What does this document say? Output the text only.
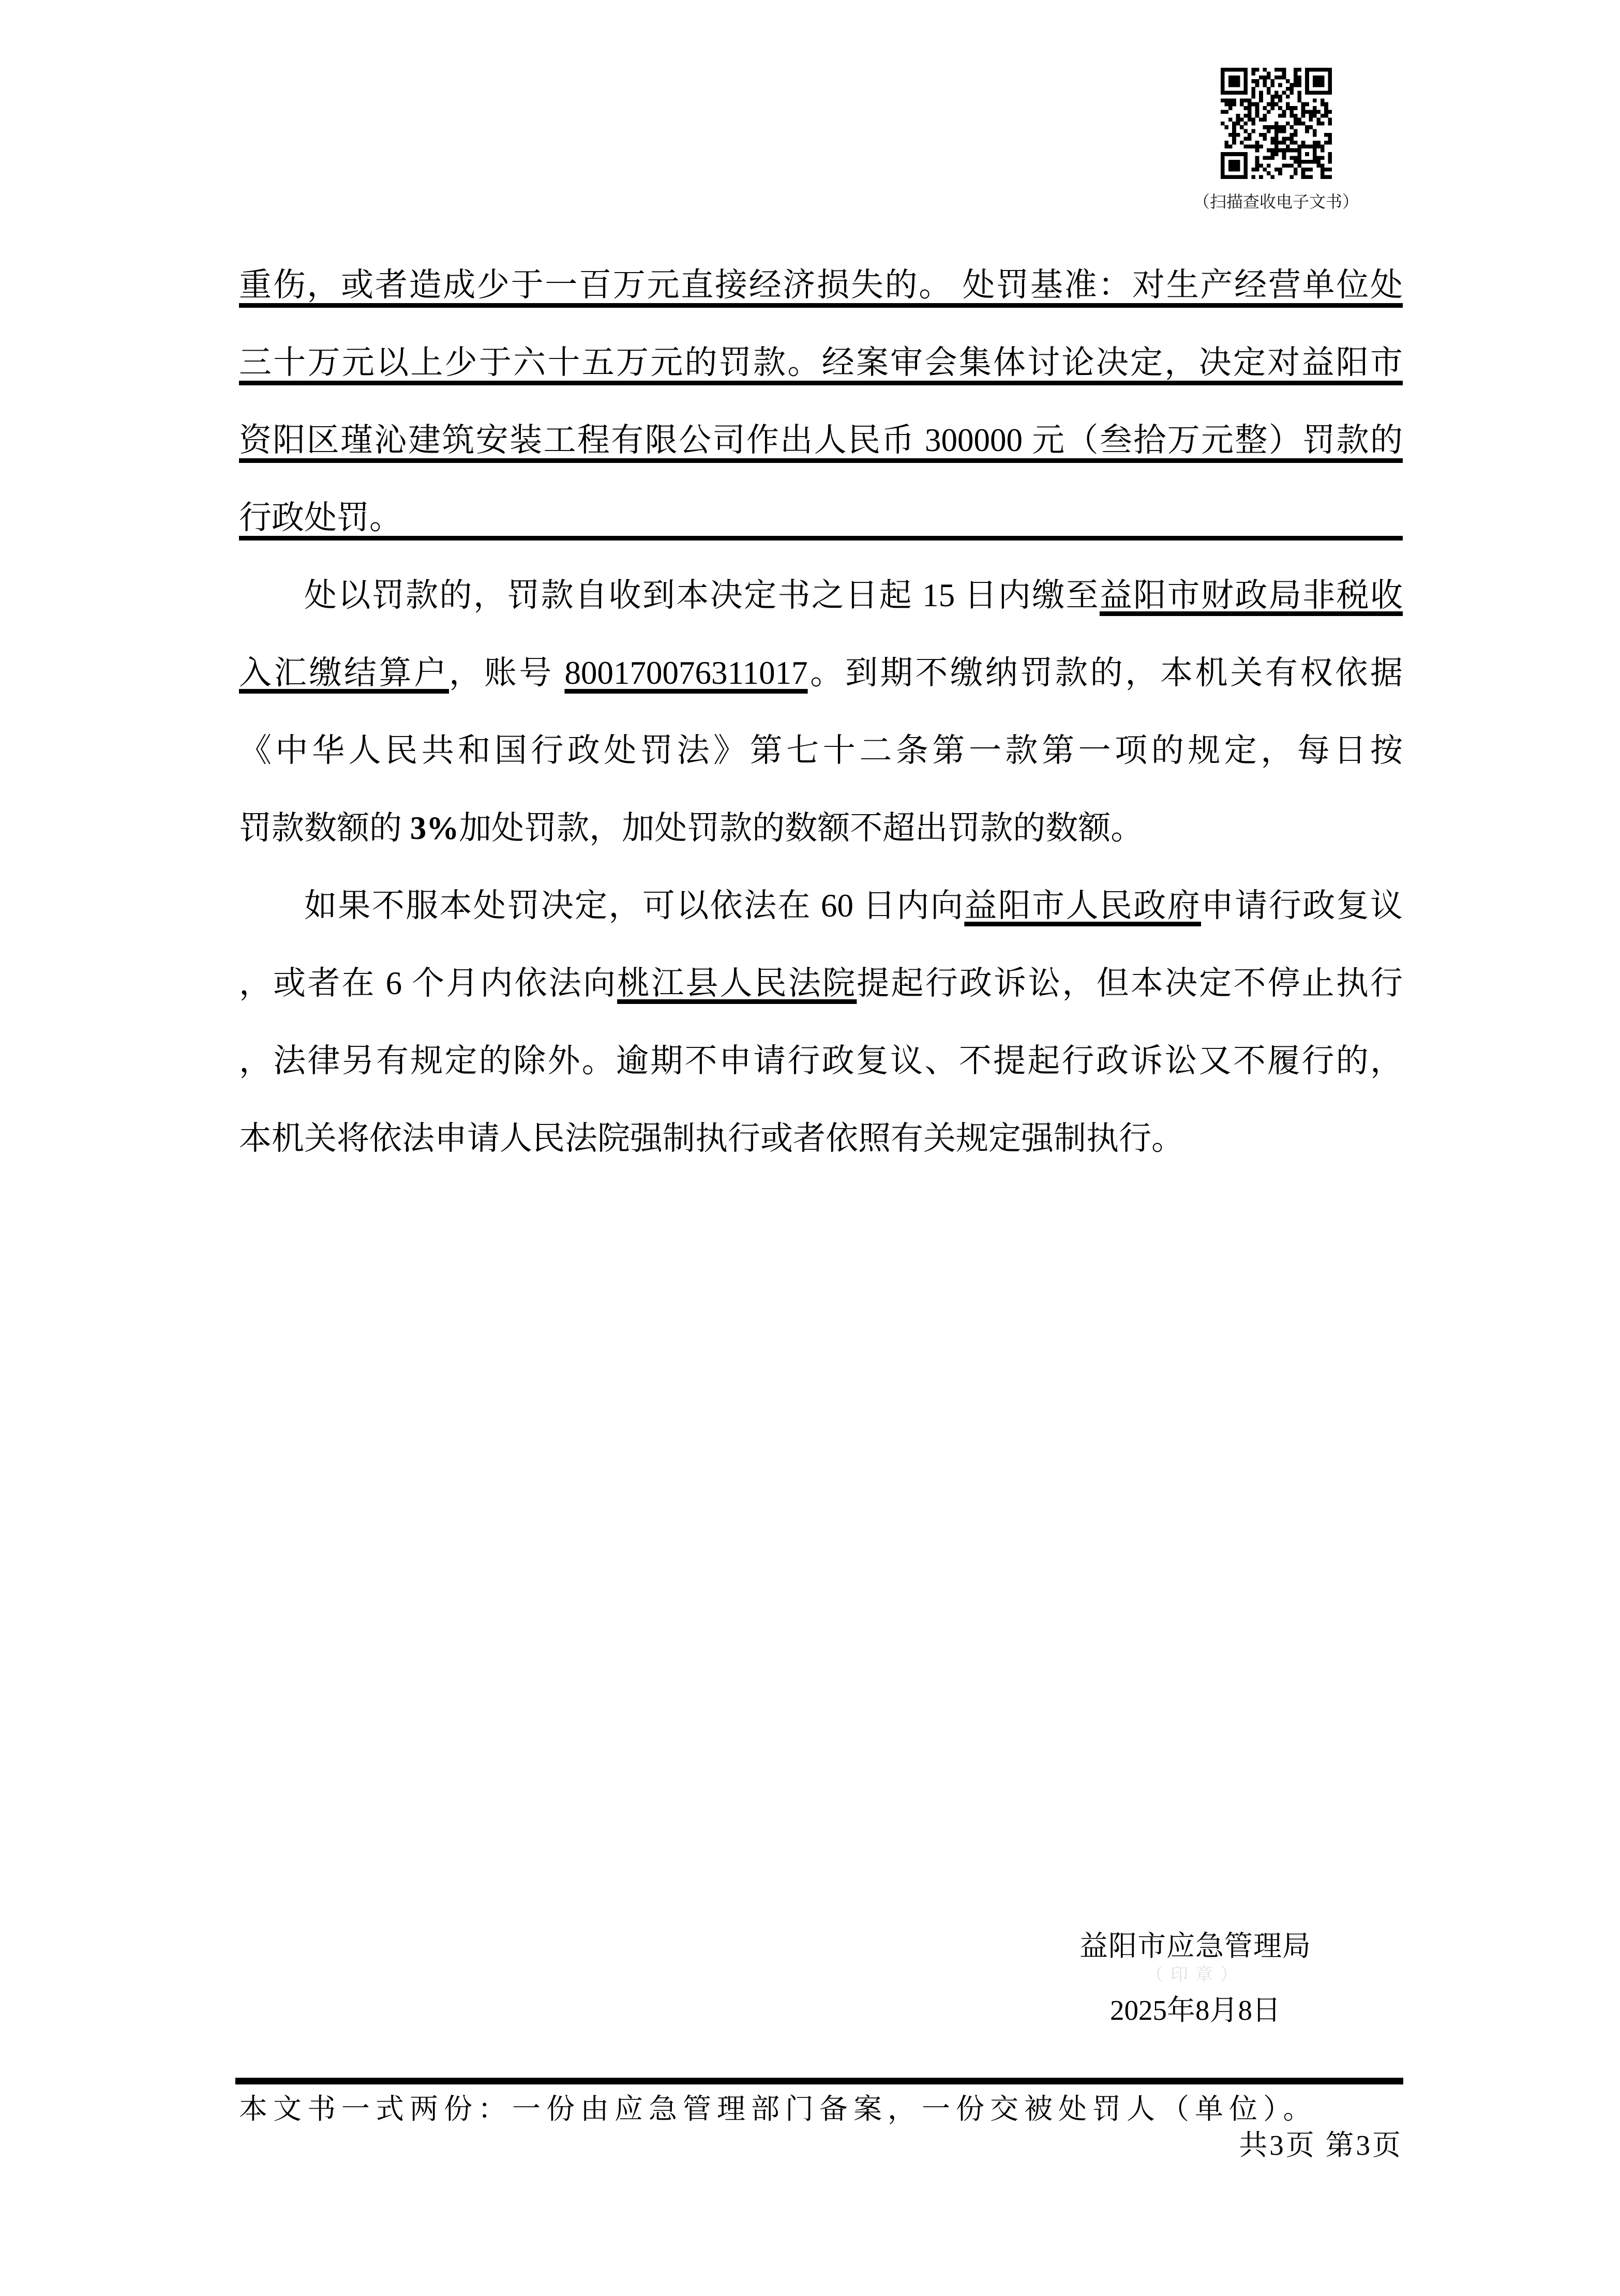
（扫描查收电子文书）
重伤，或者造成少于一百万元直接经济损失的。 处罚基准：对生产经营单位处
三十万元以上少于六十五万元的罚款。经案审会集体讨论决定，决定对益阳市
资阳区瑾沁建筑安装工程有限公司作出人民币 300000 元（叁拾万元整）罚款的
行政处罚。
处以罚款的，罚款自收到本决定书之日起 15 日内缴至益阳市财政局非税收
入汇缴结算户，账号 800170076311017。到期不缴纳罚款的，本机关有权依据
《中华人民共和国行政处罚法》第七十二条第一款第一项的规定，每日按
罚款数额的 3%加处罚款，加处罚款的数额不超出罚款的数额。
如果不服本处罚决定，可以依法在 60 日内向益阳市人民政府申请行政复议
，或者在 6 个月内依法向桃江县人民法院提起行政诉讼，但本决定不停止执行
，法律另有规定的除外。逾期不申请行政复议、不提起行政诉讼又不履行的，
本机关将依法申请人民法院强制执行或者依照有关规定强制执行。
益阳市应急管理局
（印章）
2025年8月8日
本文书一式两份：一份由应急管理部门备案，一份交被处罚人（单位）。
共3页 第3页
